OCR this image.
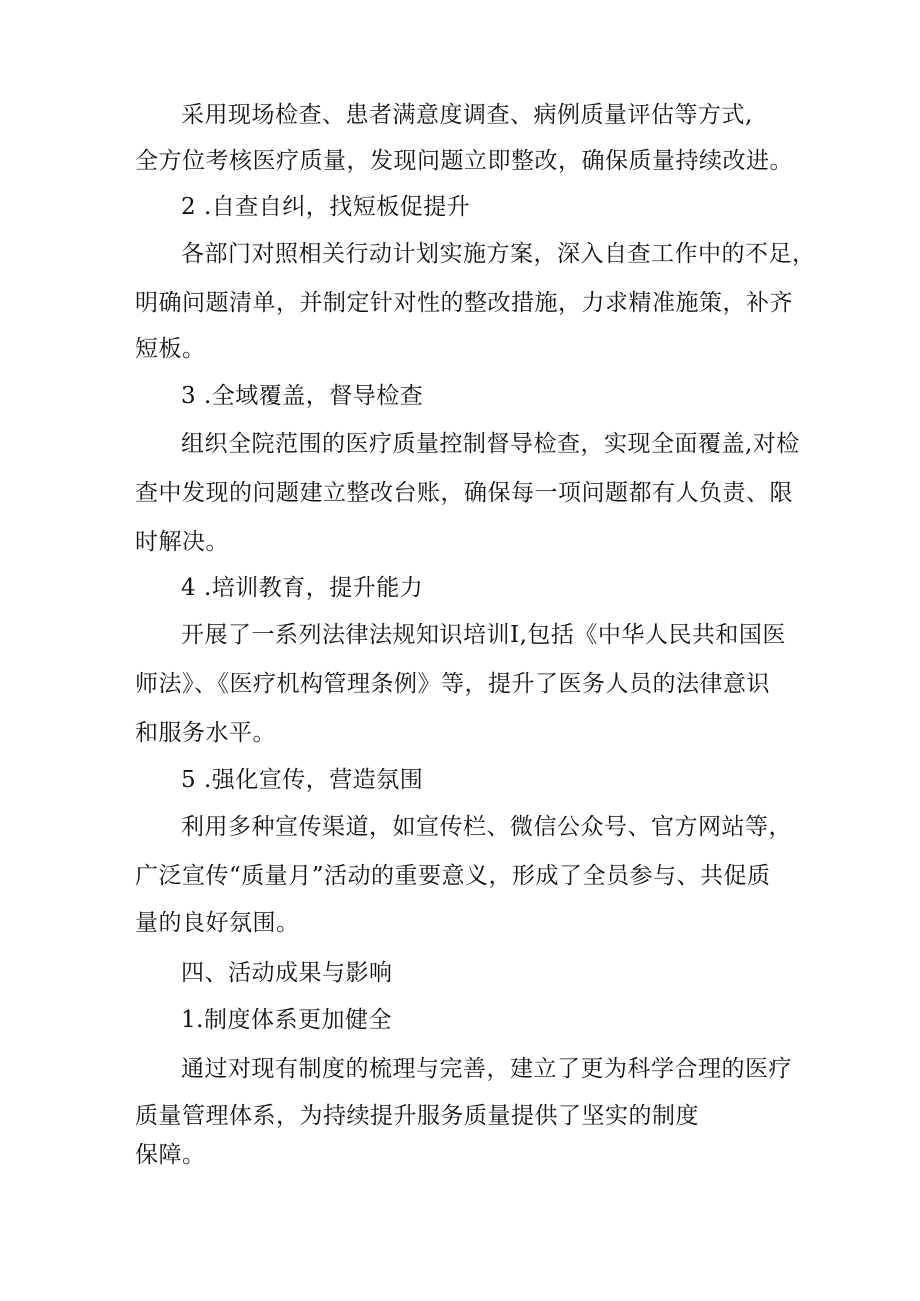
采用现场检查、患者满意度调查、病例质量评估等方式,
全方位考核医疗质量，发现问题立即整改，确保质量持续改进。
2 .自查自纠，找短板促提升
各部门对照相关行动计划实施方案，深入自查工作中的不足，
明确问题清单，并制定针对性的整改措施，力求精准施策，补齐
短板。
3 .全域覆盖，督导检查
组织全院范围的医疗质量控制督导检查，实现全面覆盖,对检
查中发现的问题建立整改台账，确保每一项问题都有人负责、限
时解决。
4 .培训教育，提升能力
开展了一系列法律法规知识培训I,包括《中华人民共和国医
师法》、《医疗机构管理条例》等，提升了医务人员的法律意识
和服务水平。
5 .强化宣传，营造氛围
利用多种宣传渠道，如宣传栏、微信公众号、官方网站等，
广泛宣传“质量月”活动的重要意义，形成了全员参与、共促质
量的良好氛围。
四、活动成果与影响
1.制度体系更加健全
通过对现有制度的梳理与完善，建立了更为科学合理的医疗
质量管理体系，为持续提升服务质量提供了坚实的制度
保障。
